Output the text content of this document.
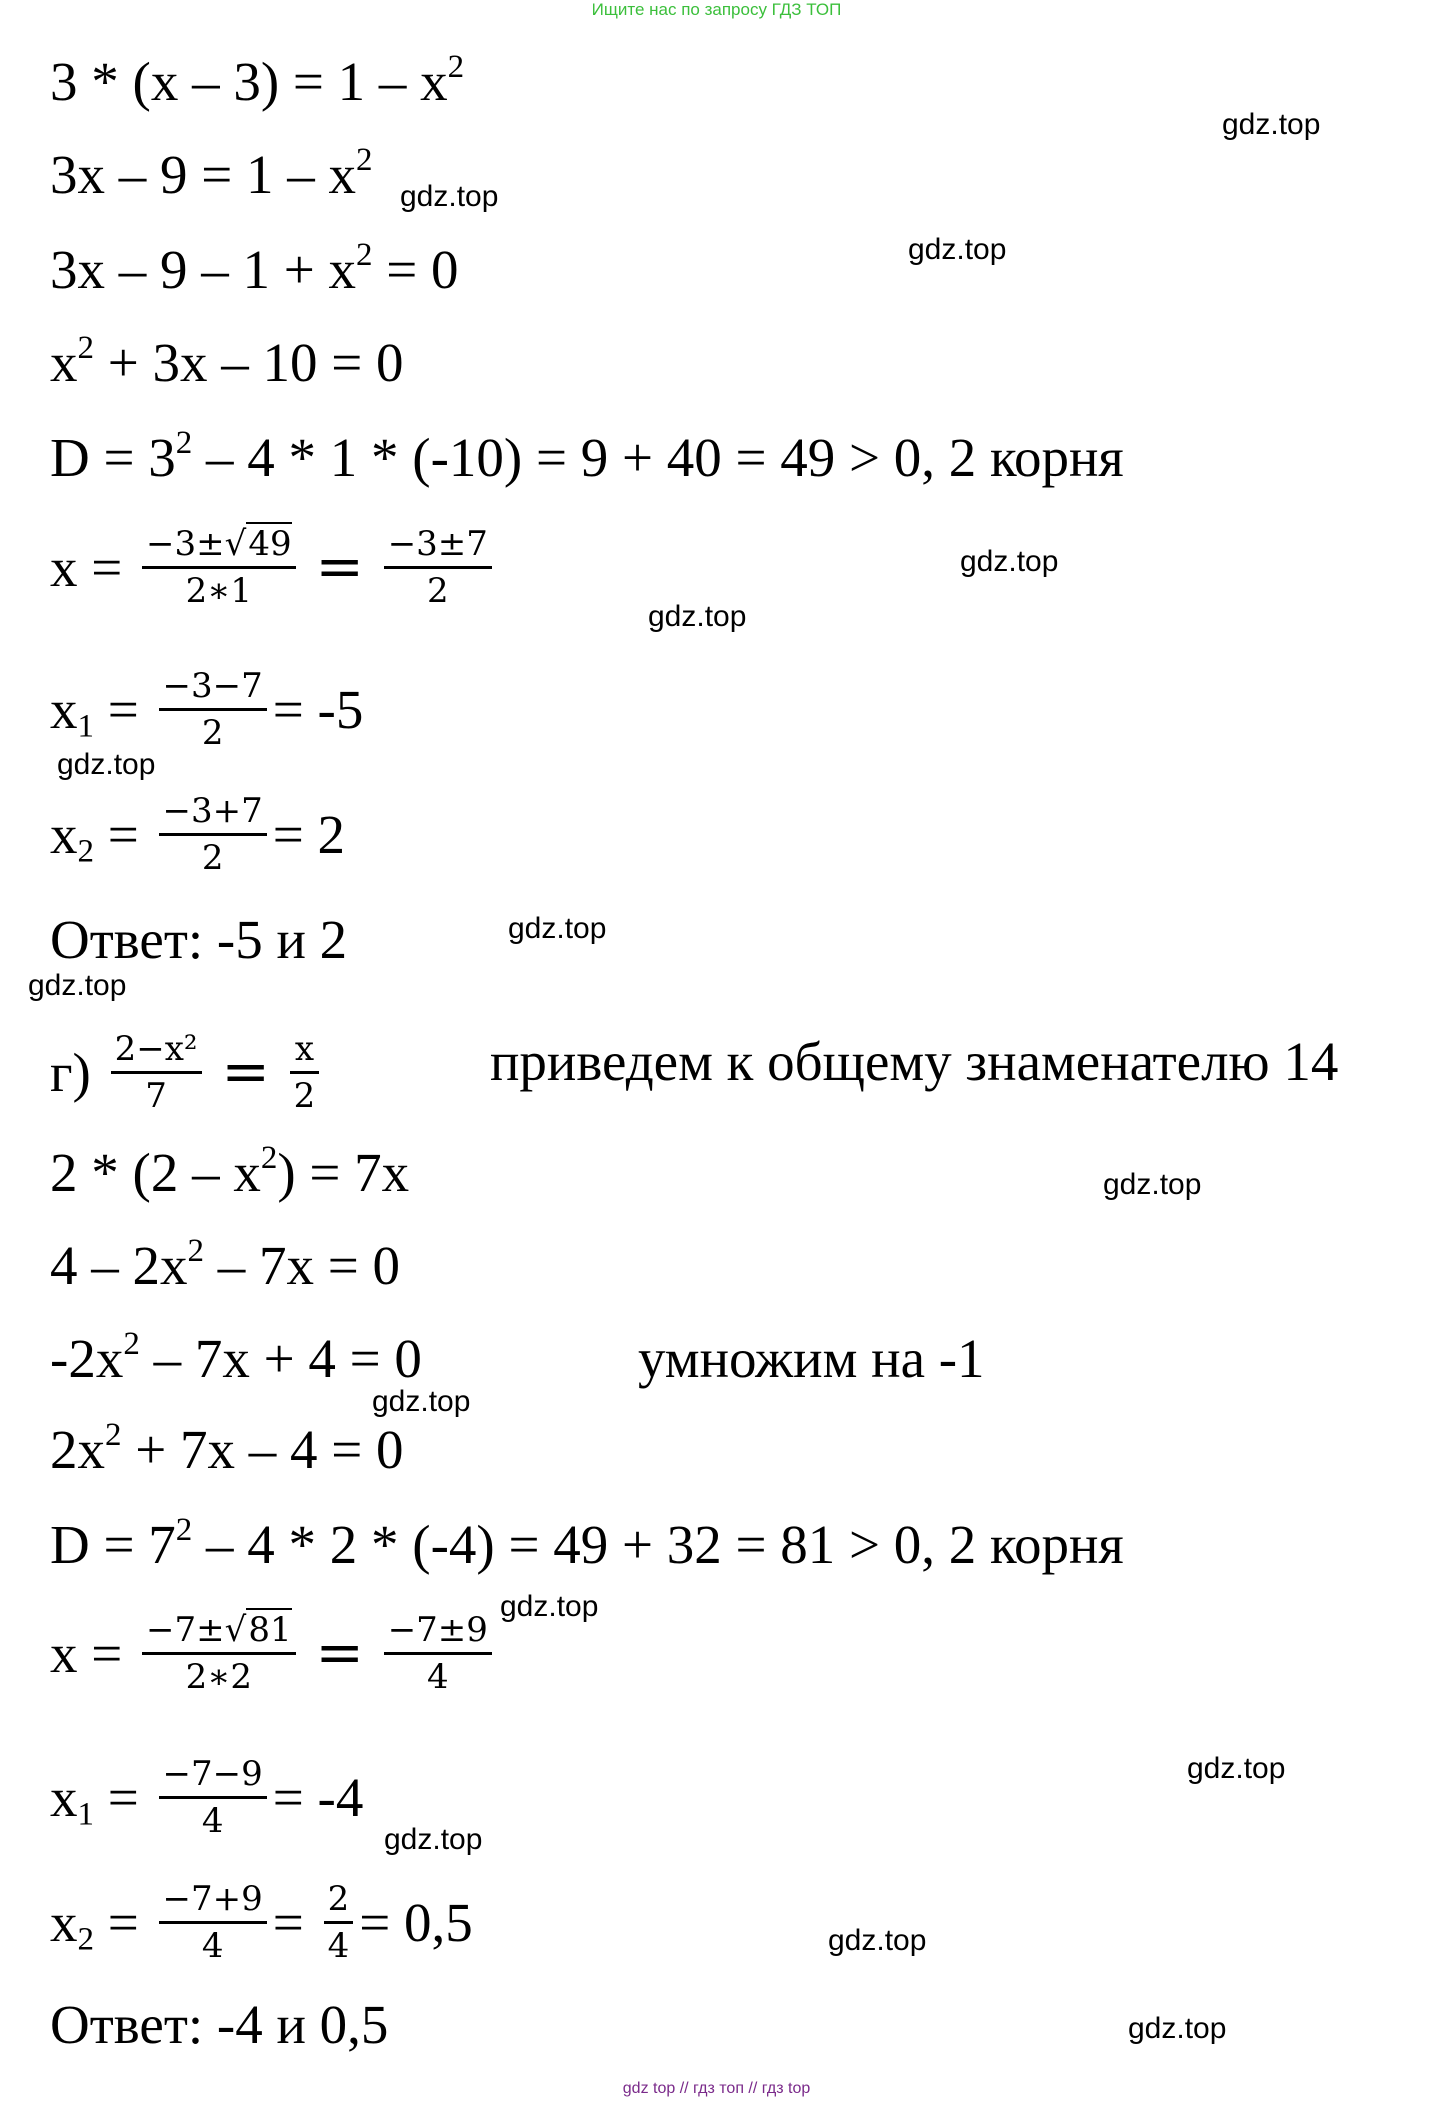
Ищите нас по запросу ГДЗ ТОП
gdz.top
gdz.top
gdz.top
gdz.top
gdz.top
gdz.top
gdz.top
gdz.top
gdz.top
gdz.top
gdz.top
gdz.top
gdz.top
gdz.top
gdz.top
$3 * (x - 3) = 1 - x^2$
$3x - 9 = 1 - x^2$
$3x - 9 - 1 + x^2 = 0$
$x^2 + 3x - 10 = 0$
$D = 3^2 - 4 * 1 * (-10) = 9 + 40 = 49 > 0$, 2 корня
$x = \frac{-3\pm√49}{2∗1} = \frac{-3\pm 7}{2}$
$x_1 = \frac{-3-7}{2} = -5$
$x_2 = \frac{-3+7}{2} = 2$
Ответ: -5 и 2
$г) \frac{\text{2−x²}}{7} = \frac{x}{2}$	приведем к общему знаменателю 14
$2 * (2 - x^2) = 7x$
$4 - 2x^2 - 7x = 0$
$-2x^2 - 7x + 4 = 0$	умножим на -1
$2x^2 + 7x - 4 = 0$
$D = 7^2 - 4 * 2 * (-4) = 49 + 32 = 81 > 0$, 2 корня
$x = \frac{-7\pm√81}{2∗2} = \frac{-7\pm 9}{4}$
$x_1 = \frac{-7-9}{4} = -4$
$x_2 = \frac{-7+9}{4} = \frac{2}{4} = 0,5$
Ответ: -4 и 0,5
gdz top // гдз топ // гдз top
